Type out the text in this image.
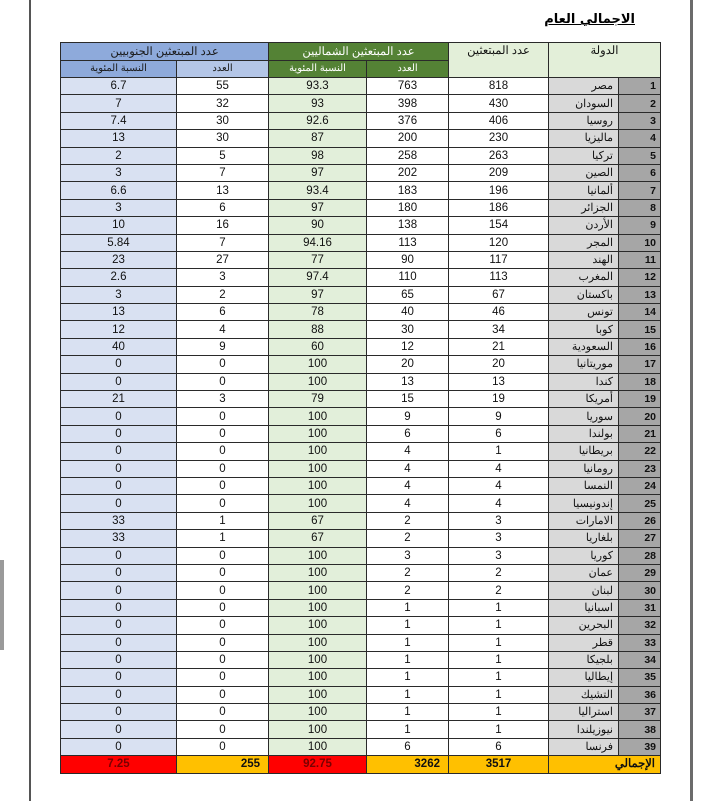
الاجمالي العام
الدولة		عدد المبتعثين	عدد المبتعثين الشماليين		عدد المبتعثين الجنوبيين	
			العدد	النسبة المئوية	العدد	النسبة المئوية
1	مصر	818	763	93.3	55	6.7
2	السودان	430	398	93	32	7
3	روسيا	406	376	92.6	30	7.4
4	ماليزيا	230	200	87	30	13
5	تركيا	263	258	98	5	2
6	الصين	209	202	97	7	3
7	ألمانيا	196	183	93.4	13	6.6
8	الجزائر	186	180	97	6	3
9	الأردن	154	138	90	16	10
10	المجر	120	113	94.16	7	5.84
11	الهند	117	90	77	27	23
12	المغرب	113	110	97.4	3	2.6
13	باكستان	67	65	97	2	3
14	تونس	46	40	78	6	13
15	كوبا	34	30	88	4	12
16	السعودية	21	12	60	9	40
17	موريتانيا	20	20	100	0	0
18	كندا	13	13	100	0	0
19	أمريكا	19	15	79	3	21
20	سوريا	9	9	100	0	0
21	بولندا	6	6	100	0	0
22	بريطانيا	1	4	100	0	0
23	رومانيا	4	4	100	0	0
24	النمسا	4	4	100	0	0
25	إندونيسيا	4	4	100	0	0
26	الامارات	3	2	67	1	33
27	بلغاريا	3	2	67	1	33
28	كوريا	3	3	100	0	0
29	عمان	2	2	100	0	0
30	لبنان	2	2	100	0	0
31	اسبانيا	1	1	100	0	0
32	البحرين	1	1	100	0	0
33	قطر	1	1	100	0	0
34	بلجيكا	1	1	100	0	0
35	إيطاليا	1	1	100	0	0
36	التشيك	1	1	100	0	0
37	استراليا	1	1	100	0	0
38	نيوزيلندا	1	1	100	0	0
39	فرنسا	6	6	100	0	0
الإجمالي		3517	3262	92.75	255	7.25
